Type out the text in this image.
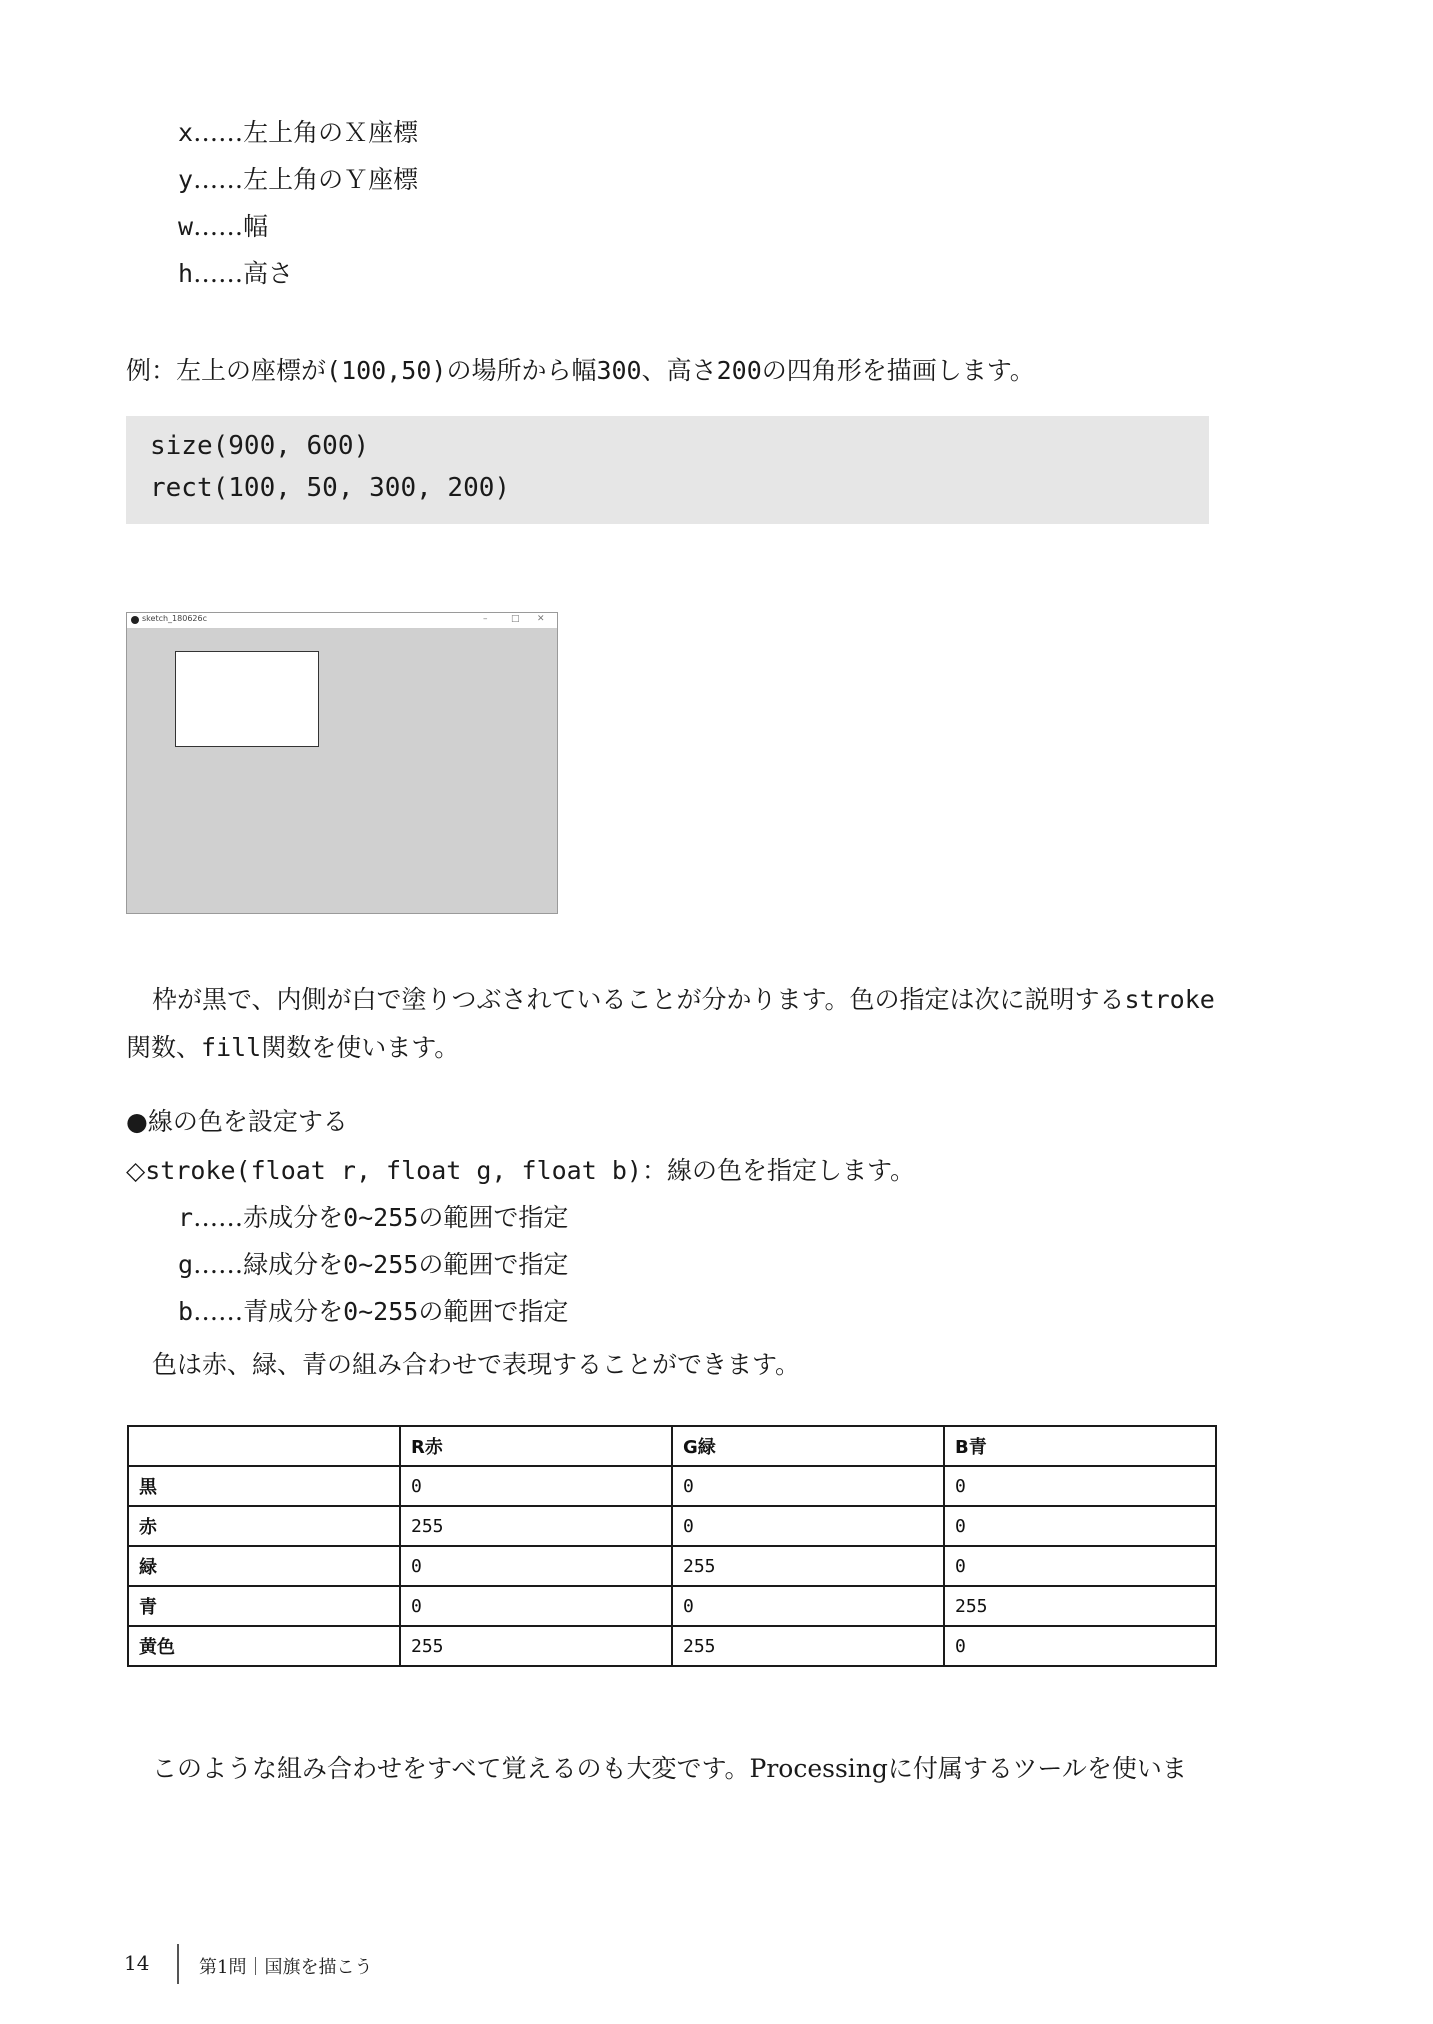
x……左上角のＸ座標
y……左上角のＹ座標
w……幅
h……高さ
例：左上の座標が(100,50)の場所から幅300、高さ200の四角形を描画します。
size(900, 600)
rect(100, 50, 300, 200)
sketch_180626c	–	□ ✕
枠が黒で、内側が白で塗りつぶされていることが分かります。色の指定は次に説明するstroke関数、fill関数を使います。
●線の色を設定する
◇stroke(float r, float g, float b)：線の色を指定します。
r……赤成分を0~255の範囲で指定
g……緑成分を0~255の範囲で指定
b……青成分を0~255の範囲で指定
色は赤、緑、青の組み合わせで表現することができます。
	R赤	G緑	B青
黒	0	0	0
赤	255	0	0
緑	0	255	0
青	0	0	255
黄色	255	255	0
このような組み合わせをすべて覚えるのも大変です。Processingに付属するツールを使いま
14	第1問｜国旗を描こう
